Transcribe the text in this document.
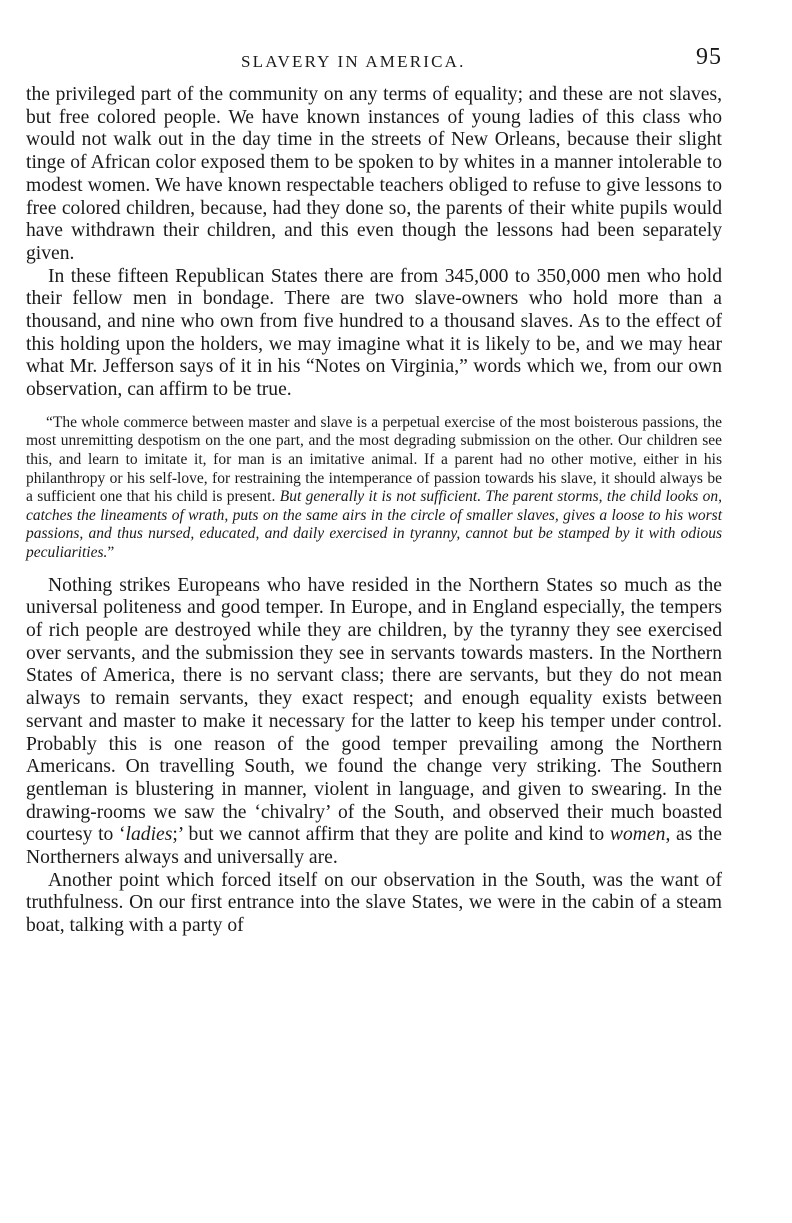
SLAVERY IN AMERICA.	95

the privileged part of the community on any terms of equality; and these are not slaves, but free colored people. We have known instances of young ladies of this class who would not walk out in the day time in the streets of New Orleans, because their slight tinge of African color exposed them to be spoken to by whites in a manner intolerable to modest women. We have known respectable teachers obliged to refuse to give lessons to free colored children, because, had they done so, the parents of their white pupils would have withdrawn their children, and this even though the lessons had been separately given.

In these fifteen Republican States there are from 345,000 to 350,000 men who hold their fellow men in bondage. There are two slave-owners who hold more than a thousand, and nine who own from five hundred to a thousand slaves. As to the effect of this holding upon the holders, we may imagine what it is likely to be, and we may hear what Mr. Jefferson says of it in his “Notes on Virginia,” words which we, from our own observation, can affirm to be true.

“The whole commerce between master and slave is a perpetual exercise of the most boisterous passions, the most unremitting despotism on the one part, and the most degrading submission on the other. Our children see this, and learn to imitate it, for man is an imitative animal. If a parent had no other motive, either in his philanthropy or his self-love, for restraining the intemperance of passion towards his slave, it should always be a sufficient one that his child is present. But generally it is not sufficient. The parent storms, the child looks on, catches the lineaments of wrath, puts on the same airs in the circle of smaller slaves, gives a loose to his worst passions, and thus nursed, educated, and daily exercised in tyranny, cannot but be stamped by it with odious peculiarities.”

Nothing strikes Europeans who have resided in the Northern States so much as the universal politeness and good temper. In Europe, and in England especially, the tempers of rich people are destroyed while they are children, by the tyranny they see exercised over servants, and the submission they see in servants towards masters. In the Northern States of America, there is no servant class; there are servants, but they do not mean always to remain servants, they exact respect; and enough equality exists between servant and master to make it necessary for the latter to keep his temper under control. Probably this is one reason of the good temper prevailing among the Northern Americans. On travelling South, we found the change very striking. The Southern gentleman is blustering in manner, violent in language, and given to swearing. In the drawing-rooms we saw the ‘chivalry’ of the South, and observed their much boasted courtesy to ‘ladies;’ but we cannot affirm that they are polite and kind to women, as the Northerners always and universally are.

Another point which forced itself on our observation in the South, was the want of truthfulness. On our first entrance into the slave States, we were in the cabin of a steam boat, talking with a party of
